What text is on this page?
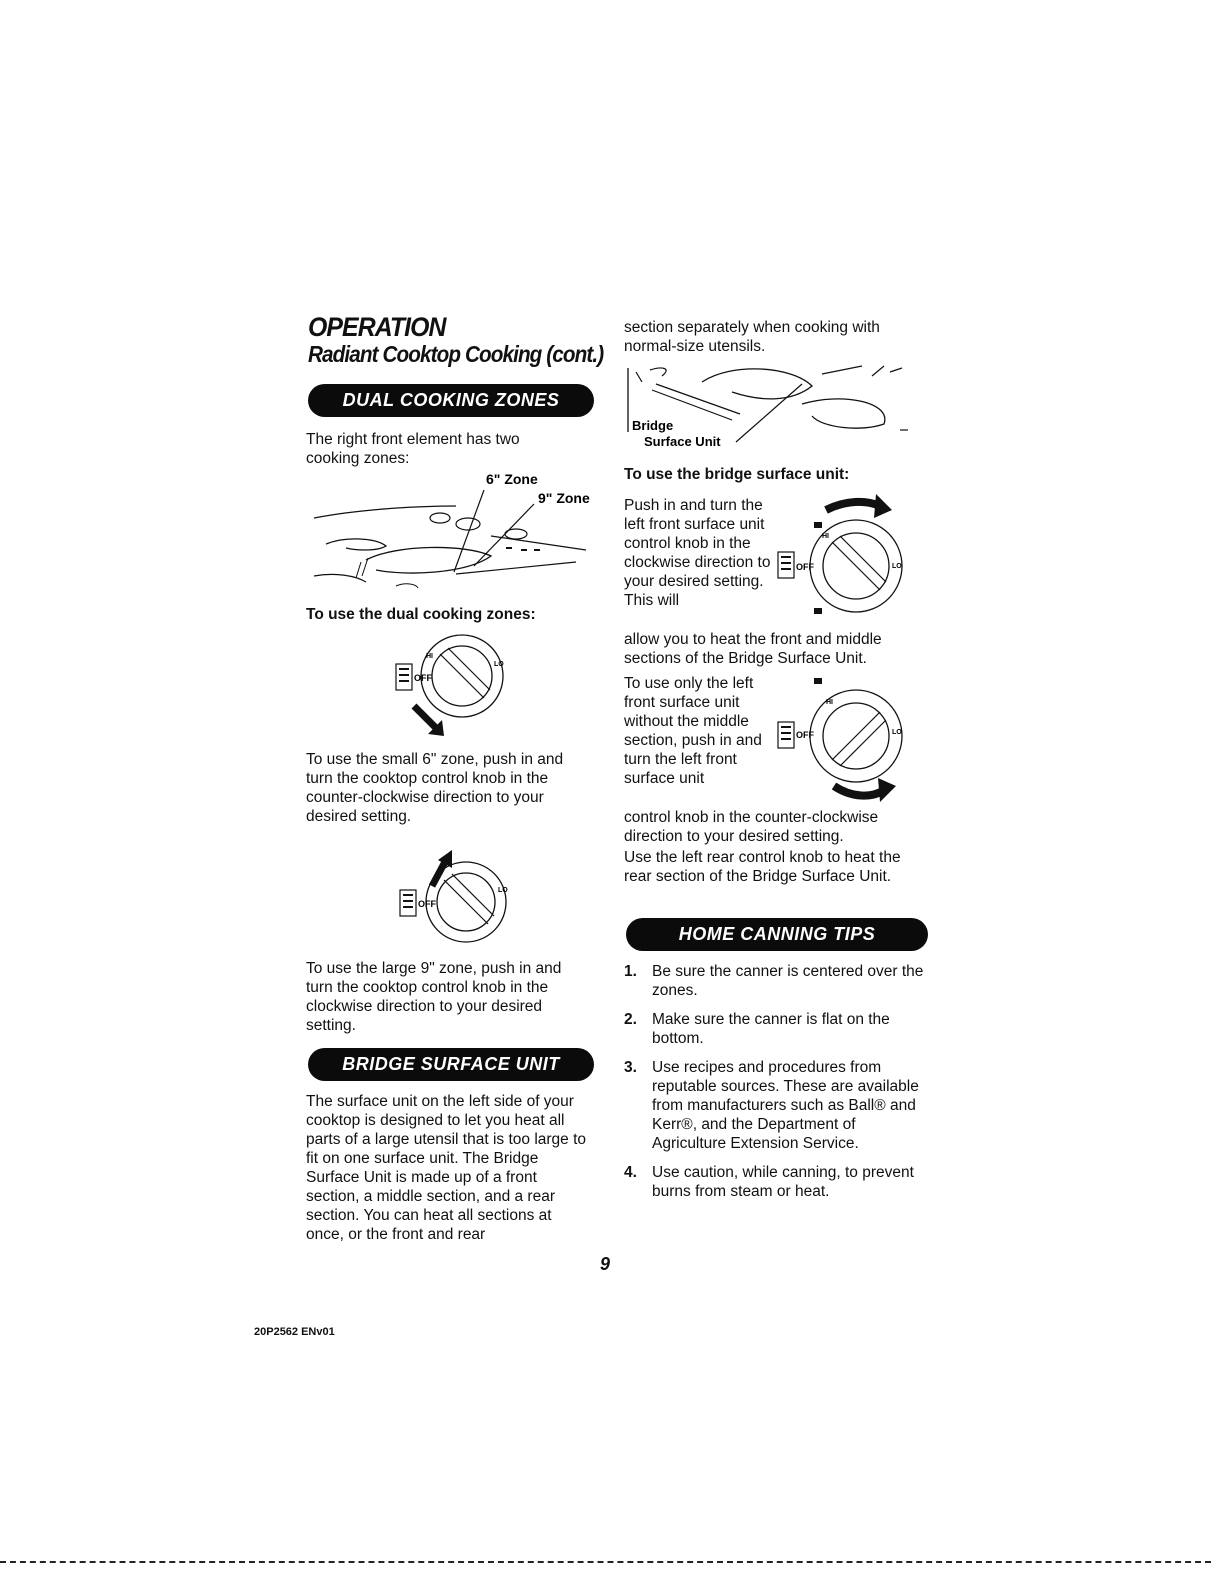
OPERATION
Radiant Cooktop Cooking (cont.)
DUAL COOKING ZONES
The right front element has two cooking zones:
6" Zone
9" Zone
To use the dual cooking zones:
OFF
HI
LO
To use the small 6" zone, push in and turn the cooktop control knob in the counter-clockwise direction to your desired setting.
OFF
LO
To use the large 9" zone, push in and turn the cooktop control knob in the clockwise direction to your desired setting.
BRIDGE SURFACE UNIT
The surface unit on the left side of your cooktop is designed to let you heat all parts of a large utensil that is too large to fit on one surface unit. The Bridge Surface Unit is made up of a front section, a middle section, and a rear section. You can heat all sections at once, or the front and rear
section separately when cooking with normal-size utensils.
Bridge
Surface Unit
To use the bridge surface unit:
Push in and turn the left front surface unit control knob in the clockwise direction to your desired setting. This will
OFF
HI
LO
allow you to heat the front and middle sections of the Bridge Surface Unit.
To use only the left front surface unit without the middle section, push in and turn the left front surface unit
OFF
HI
LO
control knob in the counter-clockwise direction to your desired setting.
Use the left rear control knob to heat the rear section of the Bridge Surface Unit.
HOME CANNING TIPS
1. Be sure the canner is centered over the zones.
2. Make sure the canner is flat on the bottom.
3. Use recipes and procedures from reputable sources. These are available from manufacturers such as Ball® and Kerr®, and the Department of Agriculture Extension Service.
4. Use caution, while canning, to prevent burns from steam or heat.
9
20P2562 ENv01
